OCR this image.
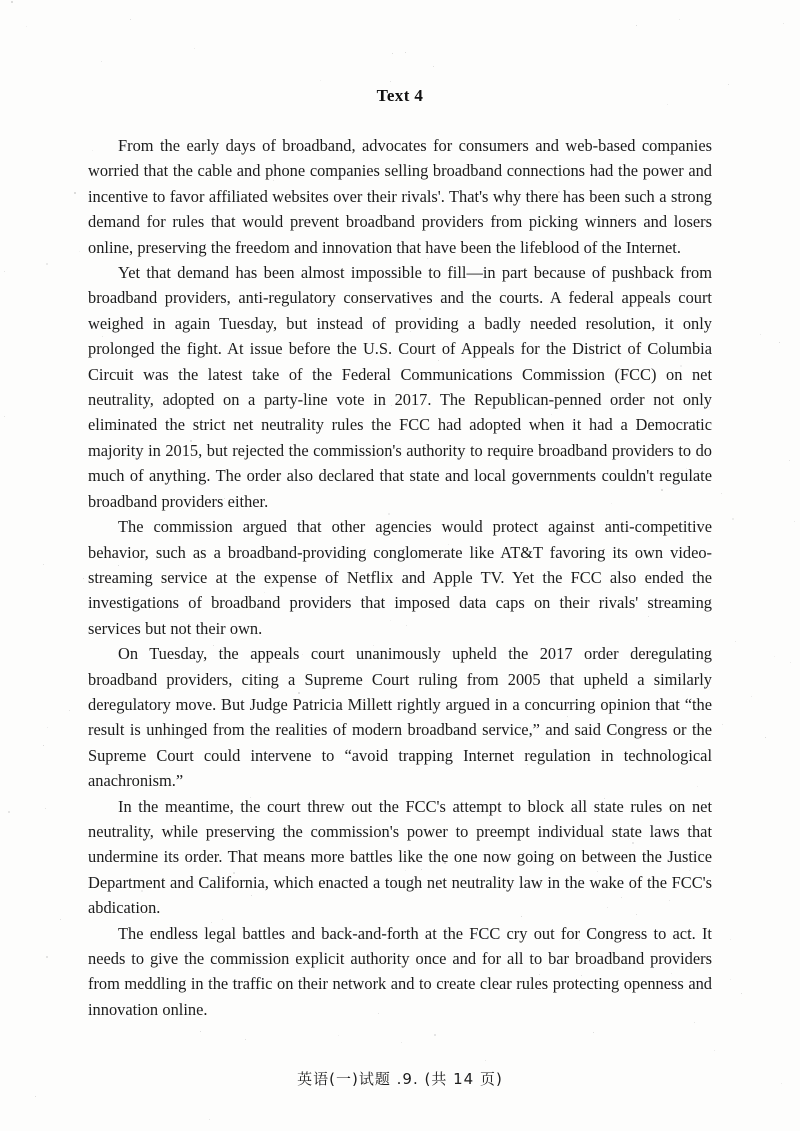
Text 4

From the early days of broadband, advocates for consumers and web-based companies worried that the cable and phone companies selling broadband connections had the power and incentive to favor affiliated websites over their rivals'. That's why there has been such a strong demand for rules that would prevent broadband providers from picking winners and losers online, preserving the freedom and innovation that have been the lifeblood of the Internet.

Yet that demand has been almost impossible to fill—in part because of pushback from broadband providers, anti-regulatory conservatives and the courts. A federal appeals court weighed in again Tuesday, but instead of providing a badly needed resolution, it only prolonged the fight. At issue before the U.S. Court of Appeals for the District of Columbia Circuit was the latest take of the Federal Communications Commission (FCC) on net neutrality, adopted on a party-line vote in 2017. The Republican-penned order not only eliminated the strict net neutrality rules the FCC had adopted when it had a Democratic majority in 2015, but rejected the commission's authority to require broadband providers to do much of anything. The order also declared that state and local governments couldn't regulate broadband providers either.

The commission argued that other agencies would protect against anti-competitive behavior, such as a broadband-providing conglomerate like AT&T favoring its own video-streaming service at the expense of Netflix and Apple TV. Yet the FCC also ended the investigations of broadband providers that imposed data caps on their rivals' streaming services but not their own.

On Tuesday, the appeals court unanimously upheld the 2017 order deregulating broadband providers, citing a Supreme Court ruling from 2005 that upheld a similarly deregulatory move. But Judge Patricia Millett rightly argued in a concurring opinion that “the result is unhinged from the realities of modern broadband service,” and said Congress or the Supreme Court could intervene to “avoid trapping Internet regulation in technological anachronism.”

In the meantime, the court threw out the FCC's attempt to block all state rules on net neutrality, while preserving the commission's power to preempt individual state laws that undermine its order. That means more battles like the one now going on between the Justice Department and California, which enacted a tough net neutrality law in the wake of the FCC's abdication.

The endless legal battles and back-and-forth at the FCC cry out for Congress to act. It needs to give the commission explicit authority once and for all to bar broadband providers from meddling in the traffic on their network and to create clear rules protecting openness and innovation online.

英语(一)试题 .9. (共 14 页)
